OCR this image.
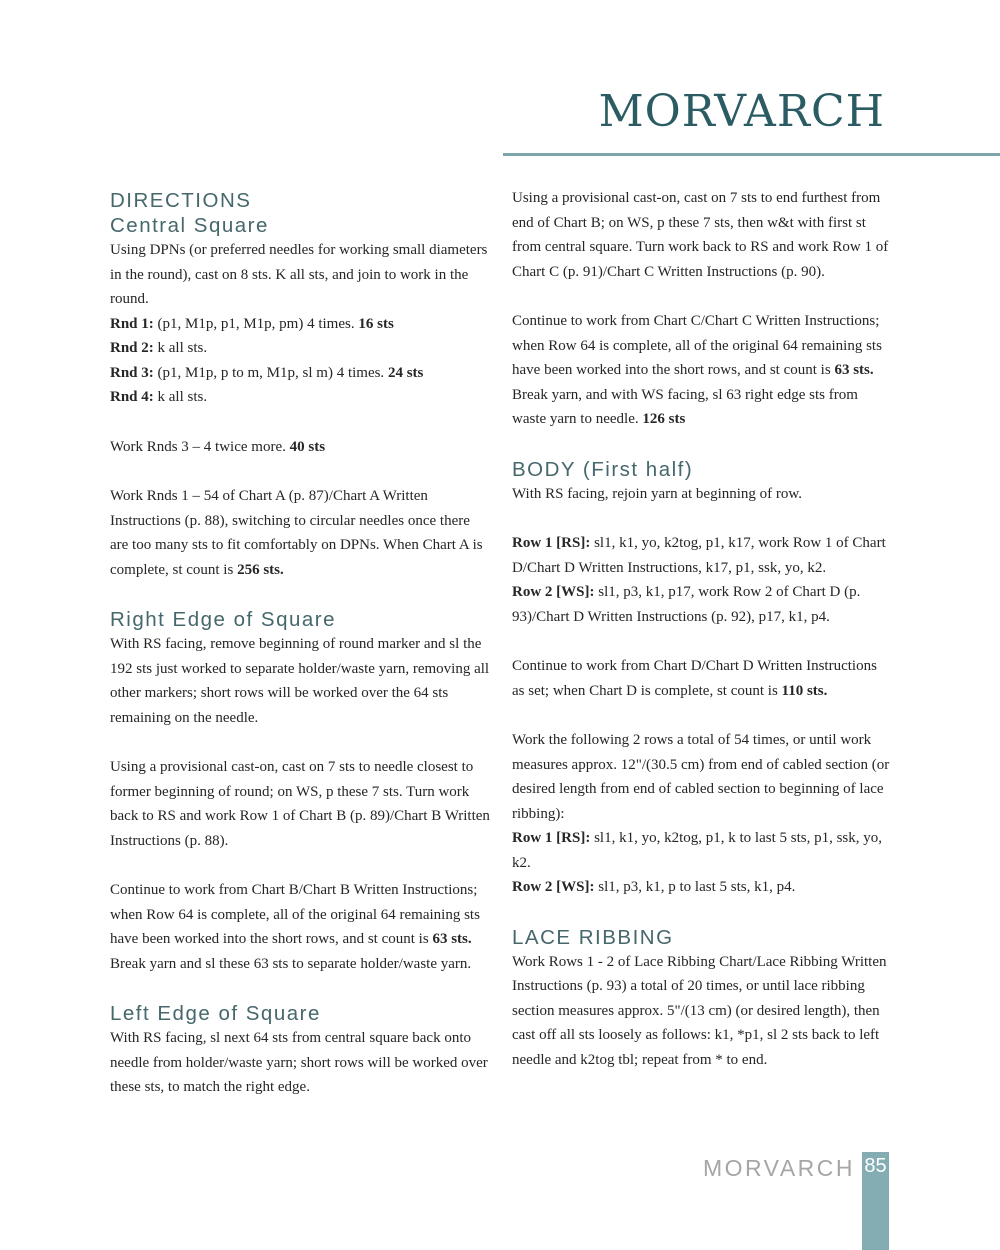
MORVARCH
DIRECTIONS
Central Square

Using DPNs (or preferred needles for working small diameters in the round), cast on 8 sts. K all sts, and join to work in the round.

Rnd 1: (p1, M1p, p1, M1p, pm) 4 times. 16 sts

Rnd 2: k all sts.

Rnd 3: (p1, M1p, p to m, M1p, sl m) 4 times. 24 sts

Rnd 4: k all sts.

Work Rnds 3 – 4 twice more. 40 sts

Work Rnds 1 – 54 of Chart A (p. 87)/Chart A Written Instructions (p. 88), switching to circular needles once there are too many sts to fit comfortably on DPNs. When Chart A is complete, st count is 256 sts.

Right Edge of Square

With RS facing, remove beginning of round marker and sl the 192 sts just worked to separate holder/waste yarn, removing all other markers; short rows will be worked over the 64 sts remaining on the needle.

Using a provisional cast-on, cast on 7 sts to needle closest to former beginning of round; on WS, p these 7 sts. Turn work back to RS and work Row 1 of Chart B (p. 89)/Chart B Written Instructions (p. 88).

Continue to work from Chart B/Chart B Written Instructions; when Row 64 is complete, all of the original 64 remaining sts have been worked into the short rows, and st count is 63 sts. Break yarn and sl these 63 sts to separate holder/waste yarn.

Left Edge of Square

With RS facing, sl next 64 sts from central square back onto needle from holder/waste yarn; short rows will be worked over these sts, to match the right edge.

Using a provisional cast-on, cast on 7 sts to end furthest from end of Chart B; on WS, p these 7 sts, then w&t with first st from central square. Turn work back to RS and work Row 1 of Chart C (p. 91)/Chart C Written Instructions (p. 90).

Continue to work from Chart C/Chart C Written Instructions; when Row 64 is complete, all of the original 64 remaining sts have been worked into the short rows, and st count is 63 sts. Break yarn, and with WS facing, sl 63 right edge sts from waste yarn to needle. 126 sts

BODY (First half)

With RS facing, rejoin yarn at beginning of row.

Row 1 [RS]: sl1, k1, yo, k2tog, p1, k17, work Row 1 of Chart D/Chart D Written Instructions, k17, p1, ssk, yo, k2.

Row 2 [WS]: sl1, p3, k1, p17, work Row 2 of Chart D (p. 93)/Chart D Written Instructions (p. 92), p17, k1, p4.

Continue to work from Chart D/Chart D Written Instructions as set; when Chart D is complete, st count is 110 sts.

Work the following 2 rows a total of 54 times, or until work measures approx. 12"/(30.5 cm) from end of cabled section (or desired length from end of cabled section to beginning of lace ribbing):

Row 1 [RS]: sl1, k1, yo, k2tog, p1, k to last 5 sts, p1, ssk, yo, k2.

Row 2 [WS]: sl1, p3, k1, p to last 5 sts, k1, p4.

LACE RIBBING

Work Rows 1 - 2 of Lace Ribbing Chart/Lace Ribbing Written Instructions (p. 93) a total of 20 times, or until lace ribbing section measures approx. 5"/(13 cm) (or desired length), then cast off all sts loosely as follows: k1, *p1, sl 2 sts back to left needle and k2tog tbl; repeat from * to end.

MORVARCH 85
